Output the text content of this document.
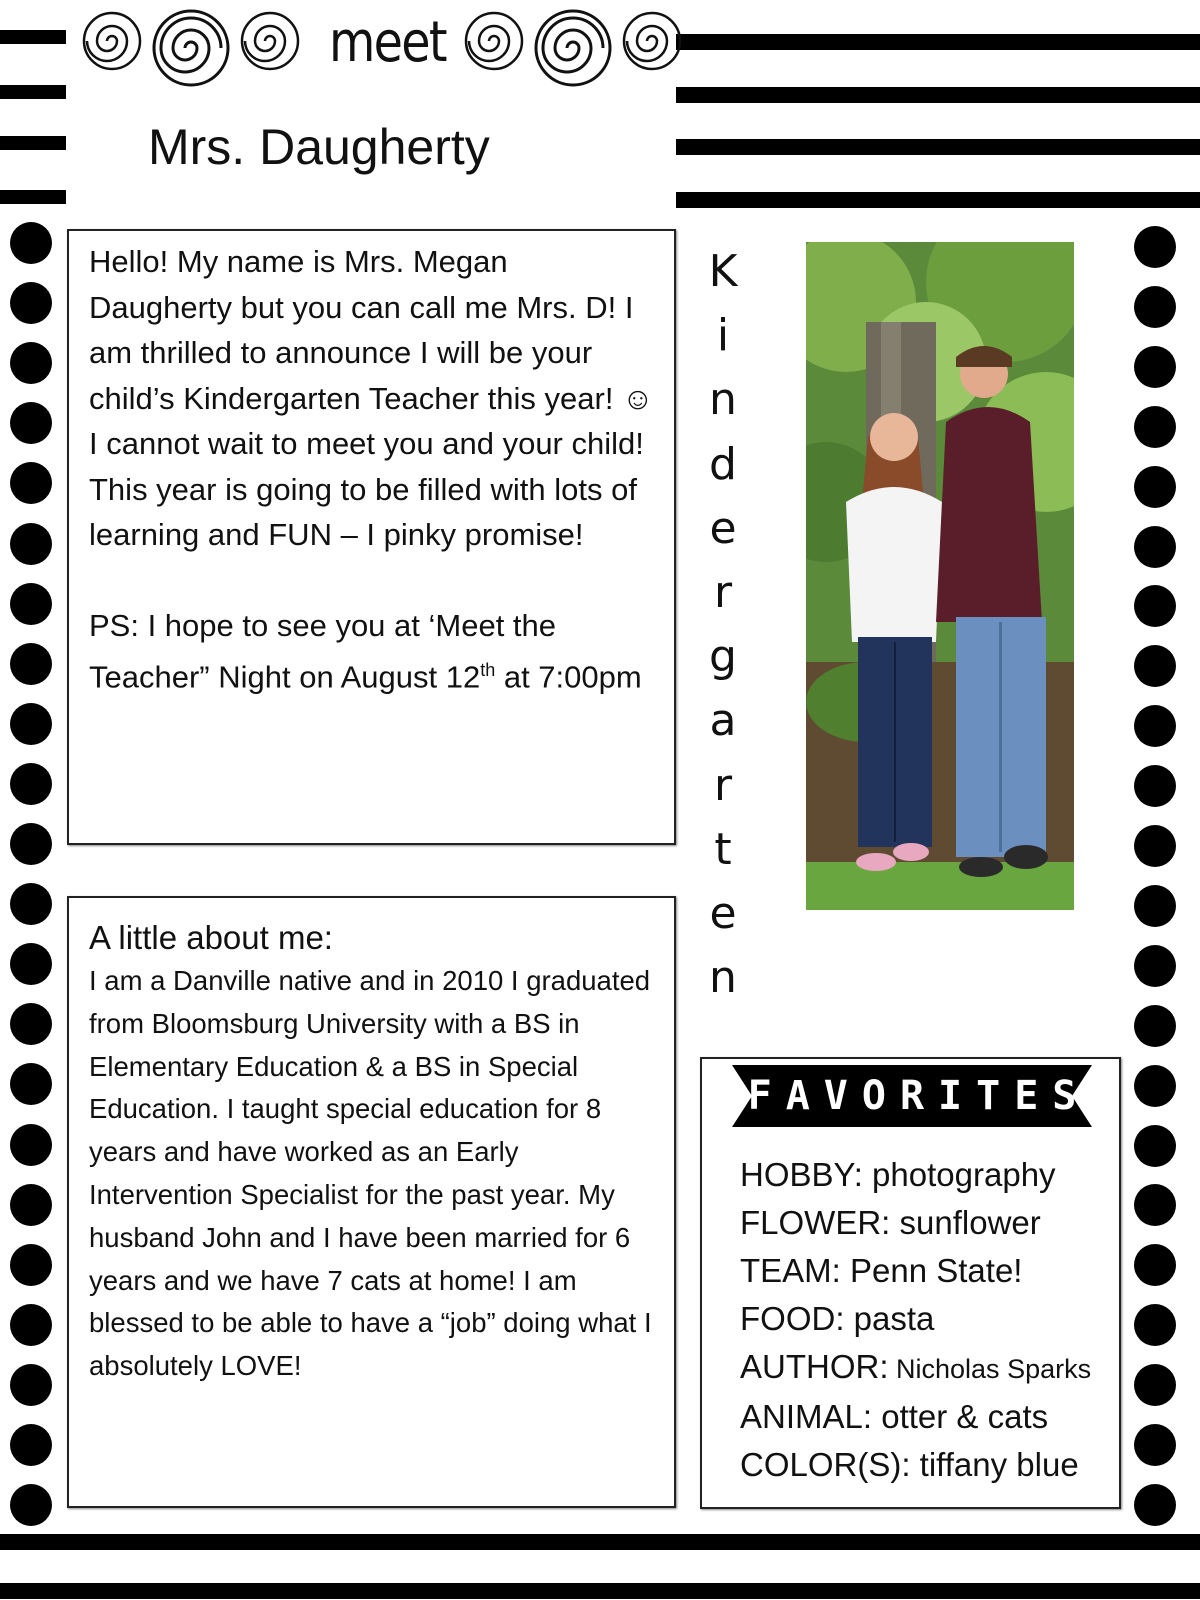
meet
Mrs. Daugherty

Hello! My name is Mrs. Megan Daugherty but you can call me Mrs. D! I am thrilled to announce I will be your child’s Kindergarten Teacher this year! ☺ I cannot wait to meet you and your child! This year is going to be filled with lots of learning and FUN – I pinky promise!

PS: I hope to see you at ‘Meet the Teacher” Night on August 12th at 7:00pm

K
i
n
d
e
r
g
a
r
t
e
n

A little about me:

I am a Danville native and in 2010 I graduated from Bloomsburg University with a BS in Elementary Education & a BS in Special Education. I taught special education for 8 years and have worked as an Early Intervention Specialist for the past year. My husband John and I have been married for 6 years and we have 7 cats at home! I am blessed to be able to have a “job” doing what I absolutely LOVE!

FAVORITES
HOBBY: photography
FLOWER: sunflower
TEAM: Penn State!
FOOD: pasta
AUTHOR: Nicholas Sparks
ANIMAL: otter & cats
COLOR(S): tiffany blue
